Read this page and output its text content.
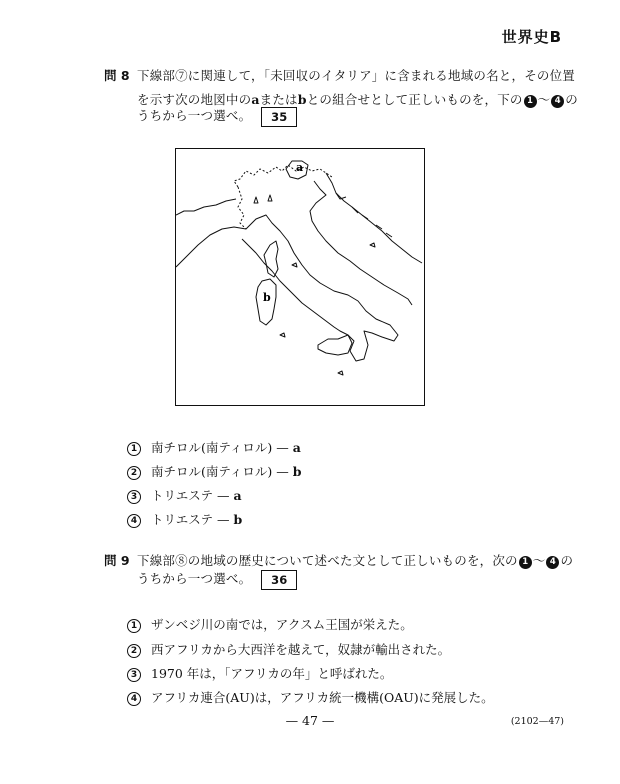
世界史B
問 8 下線部⑦に関連して，「未回収のイタリア」に含まれる地域の名と，その位置
を示す次の地図中のaまたはbとの組合せとして正しいものを，下の 1 ～ 4 の
うちから一つ選べ。 35
a
b
1 南チロル(南ティロル) — a
2 南チロル(南ティロル) — b
3 トリエステ — a
4 トリエステ — b
問 9 下線部⑧の地域の歴史について述べた文として正しいものを，次の 1 ～ 4 の
うちから一つ選べ。 36
1 ザンベジ川の南では，アクスム王国が栄えた。
2 西アフリカから大西洋を越えて，奴隷が輸出された。
3 1970 年は，「アフリカの年」と呼ばれた。
4 アフリカ連合(AU)は，アフリカ統一機構(OAU)に発展した。
— 47 —	(2102—47)
